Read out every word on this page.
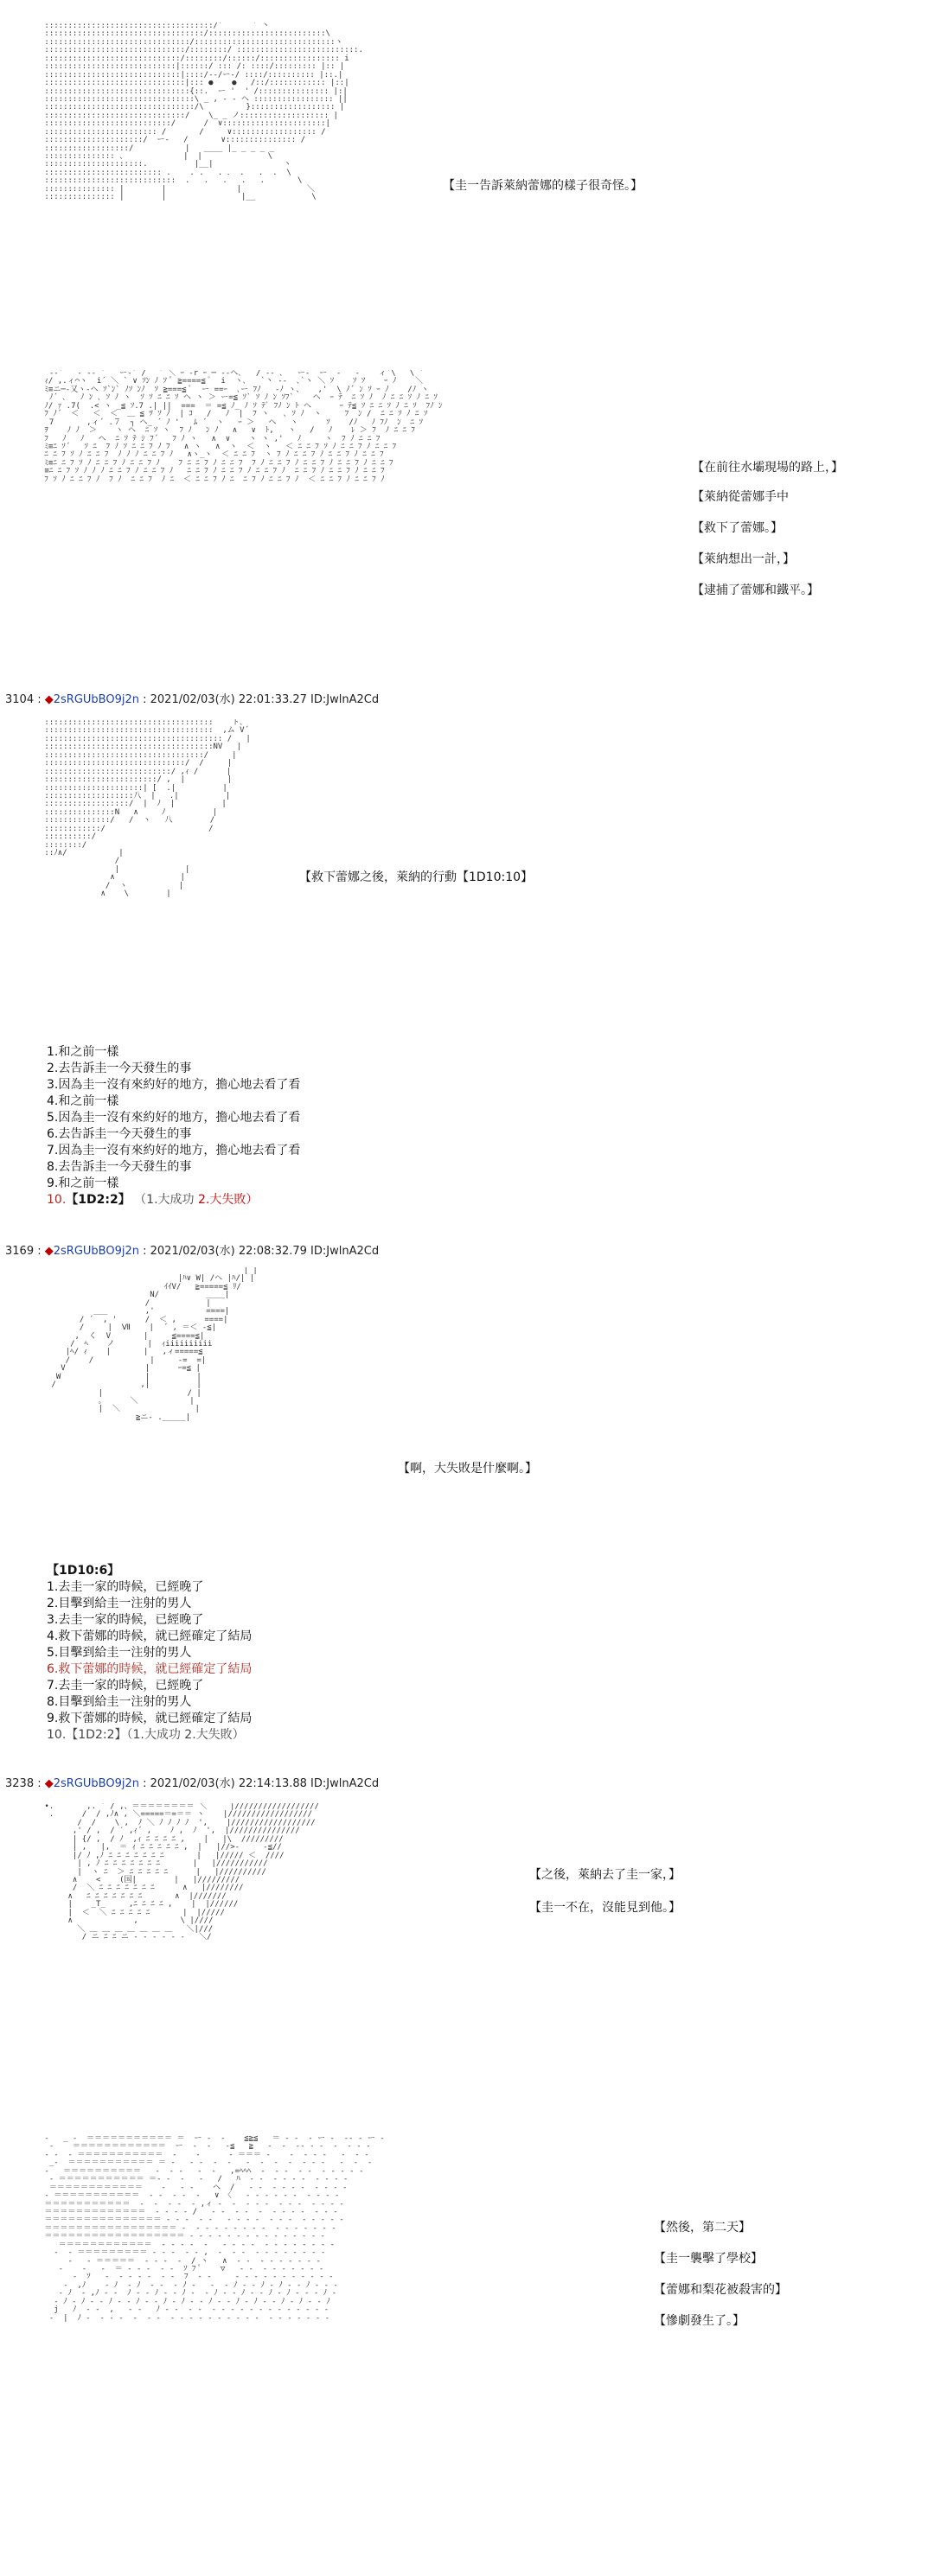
::::::::::::::::::::::::::::::::::::/´ ￣ ￣ ` 丶
::::::::::::::::::::::::::::::::::/:::::::::::::::::::::::::\
:::::::::::::::::::::::::::::::/::::::::::::::::::::::::::::::ヽ
::::::::::::::::::::::::::::::/::::::::/ ::::::::::::::::::::::::::.
:::::::::::::::::::::::::::::/::::::::/::::::/::::::::::::::::: i
::::::::::::::::::::::::::::|::::::/ ::: /: ::::/::::::::: |:: |
:::::::::::::::::::::::::::::|::::/-‐/ー-/ ::::/:::::::::: |::.|
::::::::::::::::::::::::::::::|::: ●    ●   /::/:::::::::::: |::|
:::::::::::::::::::::::::::::::{::.  ー '  ' /::::::::::::::: |:|
::::::::::::::::::::::::::::::::\ _ , - ‐ ヘ ::::::::::::::::: ||
::::::::::::::::::::::::::::::::/\         }:::::::::::::::::: |
::::::::::::::::::::::::::::::/    \_ _ ノ::::::::::::::::::: |
:::::::::::::::::::::::::::/      /  ∨::::::::::::::::::::::|
:::::::::::::::::::::::: /       /     ∨:::::::::::::::::: /
:::::::::::::::::::::/  ー-   /       ∨::::::::::::::: /
::::::::::::::::::/           |   ____ |_ _ _ _ _
::::::::::::::: 、            |  |              \
:::::::::::::::::::::.          |__|               ヽ
::::::::::::::::::::::::: .    . .   . ． .   .  .  \
::::::::::::::::::::::::::::  .   .   .   .   .       \
::::::::::::::: |        |               |              ＼
::::::::::::::: |        |                |__            \

【圭一告訴萊納蕾娜的樣子很奇怪。】
-‐´   ‐ -‐ ´   ー-´ /￣ ` ＼ ｰ -r ｰ ─ -‐ヘ､   / ‐- ､   ー-  ー  ‐   ‐    ィ´\   \ `
ｨ/ ,.ィ⌒ヽ  i´ ＼ ` ∨ ｿﾝ ﾉ ｿ ﾟ ≧====≦ ﾟ  i  ヽ､   `丶 ‐-  ､`ヽ ＼ ｿ    ｿ ｿ    ｰ ﾉ    ＼
ﾐ≡ニ─-又ヽ-ヘ ｿ`ﾝ` ﾉｿ ﾝﾉ  ｿ ≧===≦ ﾟ  ー ==ｰ  ､ー ﾌﾉ   ‐ﾉ ヽ、   ,'  \ ﾉ´ ﾝ ｿ ｰ ﾉ    /ﾉ ヽ
ﾉ´ ､   ﾉ ﾝ ､ ｿ ﾉ ヽ  ｿ ｿ ﾆ ﾆ ｿ ヘ ヽ ＞ ー=≦ ｿ` ｿ ﾉ ﾝ ｿﾌ`    ヘ  ｰ ﾃ  ﾆ ｿ ﾉ  ﾉ ﾆ ﾆ ｿ ﾉ ﾆ ｿ
ﾉ/ ｧ .7(  .< ヽ _≦ ｿ.7 .| ||  ===  ＝ =≦ ﾉ_ ﾉ ｿ ﾃﾞ ﾌﾉ ﾝ ﾄ ヘ      ｰ ﾃ≦ ｿ ﾆ ﾆ ｿ ﾉ ﾆ ｿ  ﾌﾉ ﾝ
ﾌ ﾉ´  ＜   ＜  ＜  ＿ ≦ ﾂ ｿ ﾉ  | ｺ   /   ﾉ  |  ﾌ ヽ   ､ ｿ ﾉ  ヽ     ﾌ  ﾝ /  ﾆ ﾆ ｿ ﾉ ﾆ ｿ
7       ,ィ´ .７  ┐ ヘ_ ´ ﾉ '   ﾑ ´  ヽ   ｰ ＞   ヘ   ヽ      ｿ    /ﾉ   ﾉ ﾌﾉ  ﾝ  ﾆ ｿ
ｦ    ﾉ ﾉ  ＞    ヽ ヘ  ﾆ ｿ ヽ  ﾌ ﾉ   ﾝ ﾉ   ∧   ∨  ﾄ,   ヽ   /   ﾉ    ﾚ ＞ ﾌ  ﾉ ﾆ ﾆ ﾌ
ﾌ   ﾉ   ﾉ   ヘ  ﾆ ｿ ﾃ ｼ ﾌ´   ﾌ ﾉ ヽ   ∧  ∨    ヽ ヽ ,'   ﾉ     ヽ  ﾌ ﾉ ﾆ ﾆ ﾌ
ﾐ≡ﾆ ｿ´   ｿ ﾆ  ﾌ ﾉ ｿ ﾆ ﾆ ﾌ ﾉ ﾌ   ∧ ヽ   ∧  ヽ  ＜  ヽ   ＜ ﾆ ﾆ ﾌ ｿ ﾉ ﾆ ﾆ ﾌ ﾉ ﾆ ﾆ ﾌ
ﾆ ﾆ ﾌ ｿ ﾉ ﾆ ﾆ ﾌ  ﾉ ﾉ ﾉ ﾆ ﾆ ﾌ ﾉ   ∧ヽ_ヽ  ＜ ﾆ ﾆ ﾌ  ヽ ﾌ ﾉ ﾆ ﾆ ﾌ ﾉ ﾆ ﾆ ﾌ ﾉ ﾆ ﾆ ﾌ
ﾐ≡ﾆ ﾆ ﾌ ｿ ﾉ ﾆ ﾆ ﾌ ﾉ ﾆ ﾆ ﾌ ﾉ    ﾌ ﾆ ﾆ ﾌ ﾉ ﾆ ﾆ ﾌ  ﾌ ﾉ ﾆ ﾆ ﾌ ﾉ ﾆ ﾆ ﾌ ﾉ ﾆ ﾆ ﾌ ﾉ ﾆ ﾆ ﾌ
≡ﾆ ﾆ ﾌ ｿ ﾉ ﾉ ﾉ ﾆ ﾆ ﾌ ﾉ ﾆ ﾆ ﾌ ﾉ   ﾆ ﾆ ﾌ ﾉ ﾆ ﾆ ﾌ ﾉ ﾆ ﾆ ﾌ ﾉ  ﾆ ﾆ ﾌ ﾉ ﾆ ﾆ ﾌ ﾉ ﾆ ﾆ ﾌ
ﾌ ｿ ﾉ ﾆ ﾆ ﾌ ﾉ  ﾌ ﾉ  ﾆ ﾆ ﾌ  ﾉ ﾆ  ＜ ﾆ ﾆ ﾌ ﾉ ﾆ  ﾆ ﾌ ﾉ ﾆ ﾆ ﾌ ﾉ  ＜ ﾆ ﾆ ﾌ ﾉ ﾆ ﾆ ﾌ ﾉ

【在前往水壩現場的路上，】
【萊納從蕾娜手中
【救下了蕾娜。】
【萊納想出一計，】
【逮捕了蕾娜和鐵平。】
3104 : ◆2sRGUbBO9j2n : 2021/02/03(水) 22:01:33.27 ID:JwlnA2Cd
::::::::::::::::::::::::::::::::::::    ト､
::::::::::::::::::::::::::::::::::::  ,ム V´
:::::::::::::::::::::::::::::::::::::: /   |
::::::::::::::::::::::::::::::::::::NV   |
::::::::::::::::::::::::::::::::::/     |
::::::::::::::::::::::::::::::/  /     |
:::::::::::::::::::::::::::/ ,ｨ /      |
::::::::::::::::::::::::/ ,  |         |
:::::::::::::::::::::| [  .|          |
:::::::::::::::::::八  |   .|          |
::::::::::::::::::/  |  ﾉ  |          |
:::::::::::::::N   ∧     ﾉ          |
::::::::::::::/   /  ヽ   八        /
::::::::::::/                      /
::::::::::/
::::::::/
::ﾉ∧/           |
/
|              |
∧              |
/  ヽ           |
∧    \        |

【救下蕾娜之後，萊納的行動【1D10:10】
1.和之前一樣
2.去告訴圭一今天發生的事
3.因為圭一沒有來約好的地方，擔心地去看了看
4.和之前一樣
5.因為圭一沒有來約好的地方，擔心地去看了看
6.去告訴圭一今天發生的事
7.因為圭一沒有來約好的地方，擔心地去看了看
8.去告訴圭一今天發生的事
9.和之前一樣
10.【1D2:2】 （1.大成功 2.大失敗）
3169 : ◆2sRGUbBO9j2n : 2021/02/03(水) 22:08:32.79 ID:JwlnA2Cd
| |
|ﾊ∨ W| /ヘ |ﾊ/| |
ｲｲV/   ≧=====≦ ﾘ/
N/          ____|
/            |
___        ,'           ====|
/ ´  , '      /  ＜ ,      ====|
/     |  Ⅶ    |  ´ , ＝＜ ‐≦|
,  く  V       |     ≦====≦|
/  ﾍ    ノ       |  ｨiiiiiiiiii
|ﾍ/ ｨ    |       |   ,ィ=====≦
/    /            |     ‐=  =|
V                 |      ｰ=≦ |
W                  |          |
/                  ,|          |
|                  / |
｡      ＼           |
|  ＼                |
≧ニ- ._____|

【啊，大失敗是什麼啊。】
【1D10:6】
1.去圭一家的時候，已經晚了
2.目擊到給圭一注射的男人
3.去圭一家的時候，已經晚了
4.救下蕾娜的時候，就已經確定了結局
5.目擊到給圭一注射的男人
6.救下蕾娜的時候，就已經確定了結局
7.去圭一家的時候，已經晚了
8.目擊到給圭一注射的男人
9.救下蕾娜的時候，就已經確定了結局
10.【1D2:2】（1.大成功 2.大失敗）
3238 : ◆2sRGUbBO9j2n : 2021/02/03(水) 22:14:13.88 ID:JwlnA2Cd
•.       ,. ´ / ,、＝＝＝＝＝＝＝＝ ＼     |//////////////////
.      /  / ,ﾉ∧ , ＼=====＝=＝＝ ヽ    |//////////////////
/  /    \ ,  ﾉ ＼ ﾉ ﾉ ﾉ ﾉ  ',    |//////////////////
,' / ,  / ′ ,ｨ´ ,    ﾉ ,  ﾉ  ',  |///////////////
| {/ ,  / ﾉ  ,ｨ ﾆ ﾆ ﾆ ﾆ ,    |   |\  /////////
| ,   |,  ＝ ｨ ﾆ ﾆ ﾆ ﾆ ﾆ ,  |   |//>-     -≦//
|/ ﾉ ,ﾉ ﾆ ﾆ ﾆ ﾆ ﾆ ﾆ ﾆ       |   |///// ＜  ////
| , ﾉ ﾆ ﾆ ﾆ ﾆ ﾆ ﾆ ﾆ       |   |///////////
|  ヽ ﾆ  ＞ ﾆ ﾆ ﾆ ﾆ ﾆ      |   |//////////
∧    <    (国|        |   |/////////
/  ＼ ﾆ ﾆ ﾆ ﾆ ﾆ ﾆ ﾆ      ∧   |////////
∧   ﾆ ﾆ ﾆ ﾆ ﾆ ﾆ ﾆ       ∧  |///////
|    _T_     ,ﾆ ﾆ ﾆ ﾆ ,    |  |//////
|  ＜  ＼ ﾆ ﾆ ﾆ ﾆ ﾆ       |  |/////
∧             ,         \ |////
＼ ＿ ＿ ＿ ＿ ＿ ＿ ＿   ＼|///
/ ニ ﾆ ﾆ ニ - - - - - -   ＼/

【之後，萊納去了圭一家，】
【圭一不在，沒能見到他。】
‐   _ -  ＝＝＝＝＝＝＝＝＝＝＝ ＝  ー -  ‐    ≦≧≦   ＝ ‐ ‐  ‐ ー ‐  ‐- - ー ‐
-    ＝＝＝＝＝＝＝＝＝＝＝＝  ー  ‐  ‐   ‐≦   ≧   ‐  ‐  ‐- ‐ ‐  ‐  ‐ ‐ ‐
‐ -  ‐ ＝＝＝＝＝＝＝＝＝＝＝  ‐    ‐      ‐ ＝＝＝ ‐    ‐  ‐ ‐ ‐   ‐  ‐ ‐
_-  ＝＝＝＝＝＝＝＝＝＝＝ ＝ ‐   ‐ ‐  ‐  ‐   ‐  ‐  ‐  ‐  ‐ ‐ ‐   ‐  ‐  ‐
‐   ＝＝＝＝＝＝＝＝＝＝   ‐  ‐ -   ‐  ‐   ,=ﾍﾍﾍ  ‐  ‐ ‐  ‐ ‐  ‐ ‐ ‐ ‐ ‐
‐ ＝＝＝＝＝＝＝＝＝＝＝ ＝‐ ‐  ‐   ‐   /   ﾊ  ‐ ‐  ‐ ‐ ‐ ‐  ‐ ‐ ‐ ‐
＝＝＝＝＝＝＝＝＝＝＝＝    ‐   ‐ ‐    ヘ  /   ‐ ‐  ‐ ‐ ‐ ‐  ‐ ‐ ‐ ‐
‐ ＝＝＝＝＝＝＝＝＝＝＝  ‐ ‐  ‐ -  ‐   ∨ 〈   ‐ ‐ ‐ ‐ ‐ ‐  ‐ ‐ ‐ ‐
＝＝＝＝＝＝＝＝＝＝＝  ‐  ‐  ‐ ‐  ‐ ,ィ ‐  ‐  ‐ ‐ ‐  ‐ ‐ ‐  ‐ ‐ ‐ ‐
＝＝＝＝＝＝＝＝＝＝＝＝＝  ‐ ‐ ‐ ‐ /   ‐ ‐  ‐ ‐  ‐  ‐ ‐ ‐ ‐  ‐ ‐ ‐
＝＝＝＝＝＝＝＝＝＝＝＝＝＝＝ ‐ ‐ ‐  ‐ ‐   ‐ ‐ ‐ ‐  ‐ ‐ ‐  ‐ ‐ ‐ ‐ ‐
＝＝＝＝＝＝＝＝＝＝＝＝＝＝＝＝＝ ‐  ‐ ‐ ‐ ‐ ‐ ‐ ‐ ‐  ‐ ‐ ‐ ‐ ‐ ‐ ‐
＝＝＝＝＝＝＝＝＝＝＝＝＝＝＝＝＝＝ ‐ ‐ ‐ ‐ ‐ ‐ ‐ ‐ ‐ ‐ ‐ ‐ ‐ ‐ ‐
＝＝＝＝＝＝＝＝＝＝＝＝  ‐ ‐ ‐ ‐  ‐   ‐ ‐ ‐ ‐  ‐ ‐ ‐ ‐ ‐ ‐ ‐ ‐
‐  ‐ ＝＝＝＝＝＝＝＝＝ ‐ ‐ ‐  ‐ ‐ ,  ‐  ‐ ‐  ‐ ‐ ‐ ‐ ‐ ‐ ‐ ‐
‐   ‐ ＝＝＝＝＝  ‐ ‐ ‐  ‐  / ヽ   ∧  ‐ ‐  ‐ ‐ ‐ ‐ ‐ ‐ ‐
‐    ‐   ‐  ＝ ‐ ‐ ‐  ‐ ‐  ｿ ﾌ ﾟ    ▽   ‐ ‐  ‐ ‐ ‐ ‐ ‐ ‐ ‐
‐  ｿ   ‐  ‐ ‐ ‐ ‐  ‐ ‐  ﾌ  ‐ ‐     ‐ ‐ ‐ ‐ ‐ ‐ ‐ ‐ ‐ ‐ ‐
‐  ,ﾉ    ‐ ﾉ  ‐ ﾉ  ‐ ‐  ‐ ﾉ ‐   ‐  ‐ ﾉ ‐ ‐ ﾉ ‐ ﾉ ‐ ‐ ﾉ ‐ ‐ ‐
‐ ﾉ  ‐ ,ﾉ ‐ ‐  ﾉ ‐ ‐ ﾉ ‐ ‐ ﾉ ‐  ‐ ﾉ ‐ ‐ ﾉ ‐ ‐ ﾉ ‐ ﾉ ‐ ‐ ‐ ﾉ ‐
‐ ﾉ ‐ ﾉ ‐ ‐ ﾉ ‐ ‐ ﾉ ‐ ‐ ﾉ ‐ ﾉ ‐ ‐ ﾉ ‐ ‐ ﾉ ‐ ﾉ ‐ ‐ ﾉ ‐ ﾉ ‐ ‐ ﾉ
j   ﾉ  ‐ ‐  ,   ‐ ‐   ﾉ ‐ ‐  ‐ ‐  ‐ ‐ ‐ ‐ ‐ ‐ ‐ ‐ ‐ ‐ ‐ ‐ ‐
‐  |  ﾉ ‐  ‐ ‐ ‐  ‐  ‐ ‐  ‐ ‐ ‐ ‐ ‐ ‐ ‐ ‐ ‐ ‐  ‐ ‐ ‐ ‐ ‐ ‐ ‐

【然後，第二天】
【圭一襲擊了學校】
【蕾娜和梨花被殺害的】
【慘劇發生了。】
